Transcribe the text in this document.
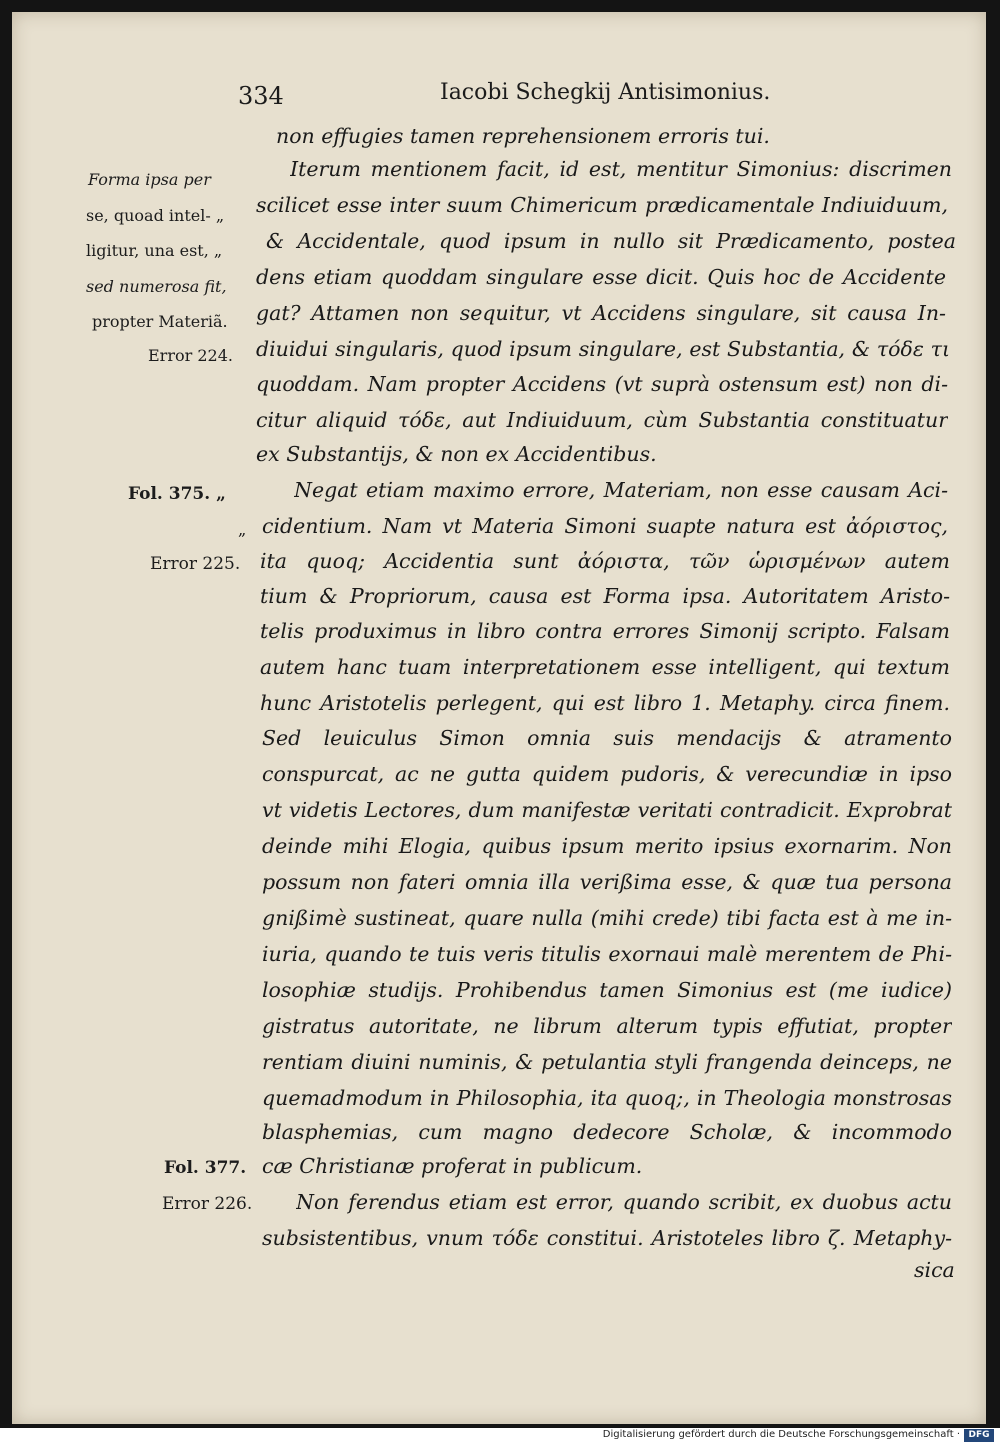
334	Iacobi Schegkij Antisimonius.
non effugies tamen reprehensionem erroris tui.
Iterum mentionem facit, id est, mentitur Simonius: discrimen
scilicet esse inter suum Chimericum prædicamentale Indiuiduum,
& Accidentale, quod ipsum in nullo sit Prædicamento, postea
dens etiam quoddam singulare esse dicit. Quis hoc de Accidente
gat? Attamen non sequitur, vt Accidens singulare, sit causa In-
diuidui singularis, quod ipsum singulare, est Substantia, & τόδε τι
quoddam. Nam propter Accidens (vt suprà ostensum est) non di-
citur aliquid τόδε, aut Indiuiduum, cùm Substantia constituatur
ex Substantijs, & non ex Accidentibus.
Negat etiam maximo errore, Materiam, non esse causam Aci-
cidentium. Nam vt Materia Simoni suapte natura est ἀόριστος,
ita quoq; Accidentia sunt ἀόριστα, τῶν ὡρισμένων autem
tium & Propriorum, causa est Forma ipsa. Autoritatem Aristo-
telis produximus in libro contra errores Simonij scripto. Falsam
autem hanc tuam interpretationem esse intelligent, qui textum
hunc Aristotelis perlegent, qui est libro 1. Metaphy. circa finem.
Sed leuiculus Simon omnia suis mendacijs & atramento
conspurcat, ac ne gutta quidem pudoris, & verecundiæ in ipso
vt videtis Lectores, dum manifestæ veritati contradicit. Exprobrat
deinde mihi Elogia, quibus ipsum merito ipsius exornarim. Non
possum non fateri omnia illa verißima esse, & quæ tua persona
gnißimè sustineat, quare nulla (mihi crede) tibi facta est à me in-
iuria, quando te tuis veris titulis exornaui malè merentem de Phi-
losophiæ studijs. Prohibendus tamen Simonius est (me iudice)
gistratus autoritate, ne librum alterum typis effutiat, propter
rentiam diuini numinis, & petulantia styli frangenda deinceps, ne
quemadmodum in Philosophia, ita quoq;, in Theologia monstrosas
blasphemias, cum magno dedecore Scholæ, & incommodo
cæ Christianæ proferat in publicum.
Non ferendus etiam est error, quando scribit, ex duobus actu
subsistentibus, vnum τόδε constitui. Aristoteles libro ζ. Metaphy-
sica
Forma ipsa per
se, quoad intel- „
ligitur, una est, „
sed numerosa fit,
propter Materiã.
Error 224.
Fol. 375. „
„
Error 225.
Fol. 377.
Error 226.
Digitalisierung gefördert durch die Deutsche Forschungsgemeinschaft · DFG
